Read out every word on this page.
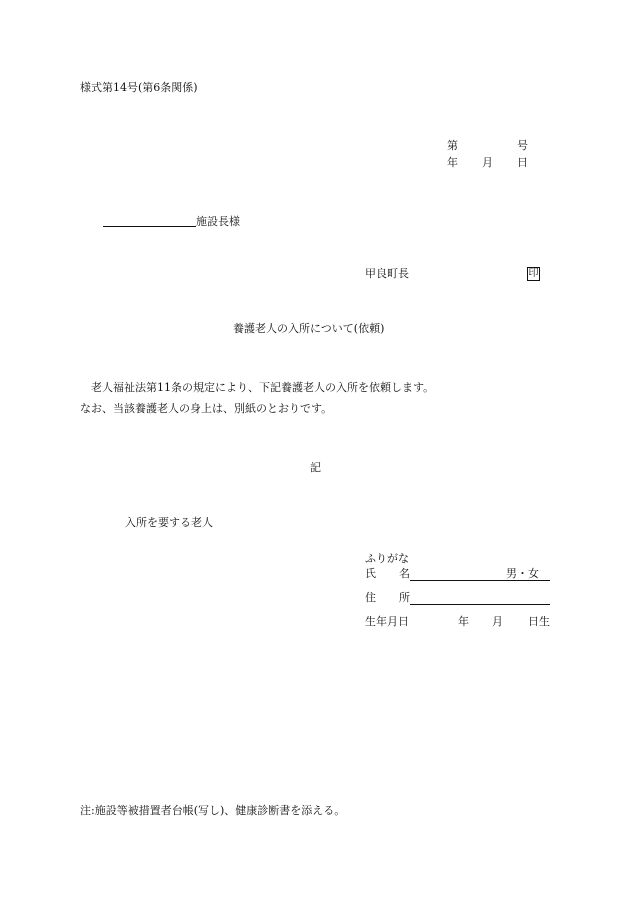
様式第14号(第6条関係)
第	号
年 月 日
施設長様
甲良町長	印
養護老人の入所について(依頼)
老人福祉法第11条の規定により、下記養護老人の入所を依頼します。
なお、当該養護老人の身上は、別紙のとおりです。
記
入所を要する老人
ふりがな
氏 名	男・女
住 所
生年月日	年 月 日生
注:施設等被措置者台帳(写し)、健康診断書を添える。
